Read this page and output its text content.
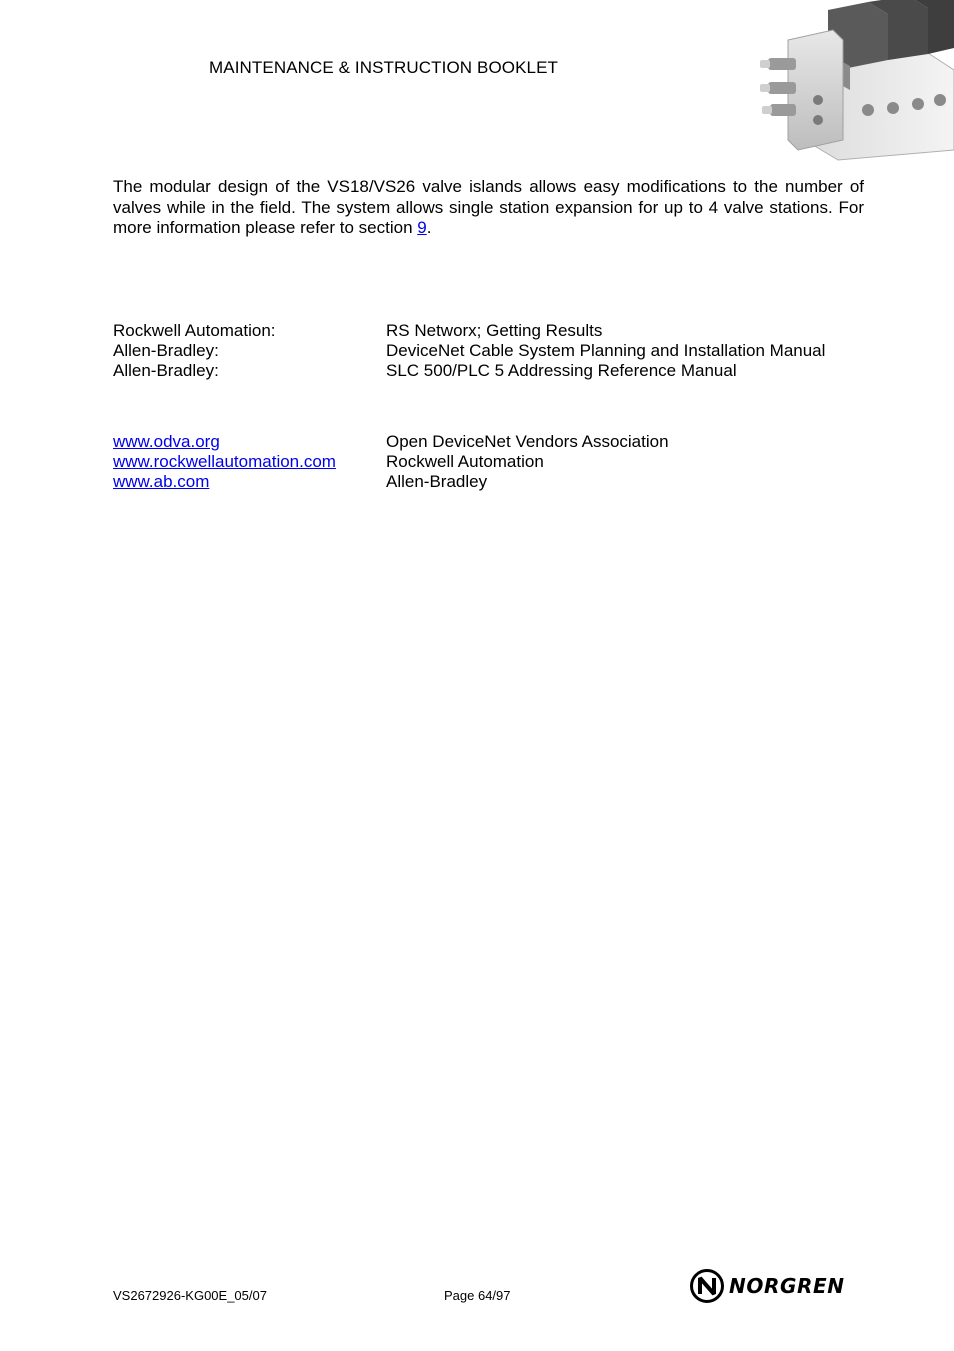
MAINTENANCE & INSTRUCTION BOOKLET
The modular design of the VS18/VS26 valve islands allows easy modifications to the number of valves while in the field. The system allows single station expansion for up to 4 valve stations. For more information please refer to section 9.
Rockwell Automation:	RS Networx; Getting Results
Allen-Bradley:	DeviceNet Cable System Planning and Installation Manual
Allen-Bradley:	SLC 500/PLC 5 Addressing Reference Manual
www.odva.org	Open DeviceNet Vendors Association
www.rockwellautomation.com	Rockwell Automation
www.ab.com	Allen-Bradley
VS2672926-KG00E_05/07	Page 64/97	NORGREN
